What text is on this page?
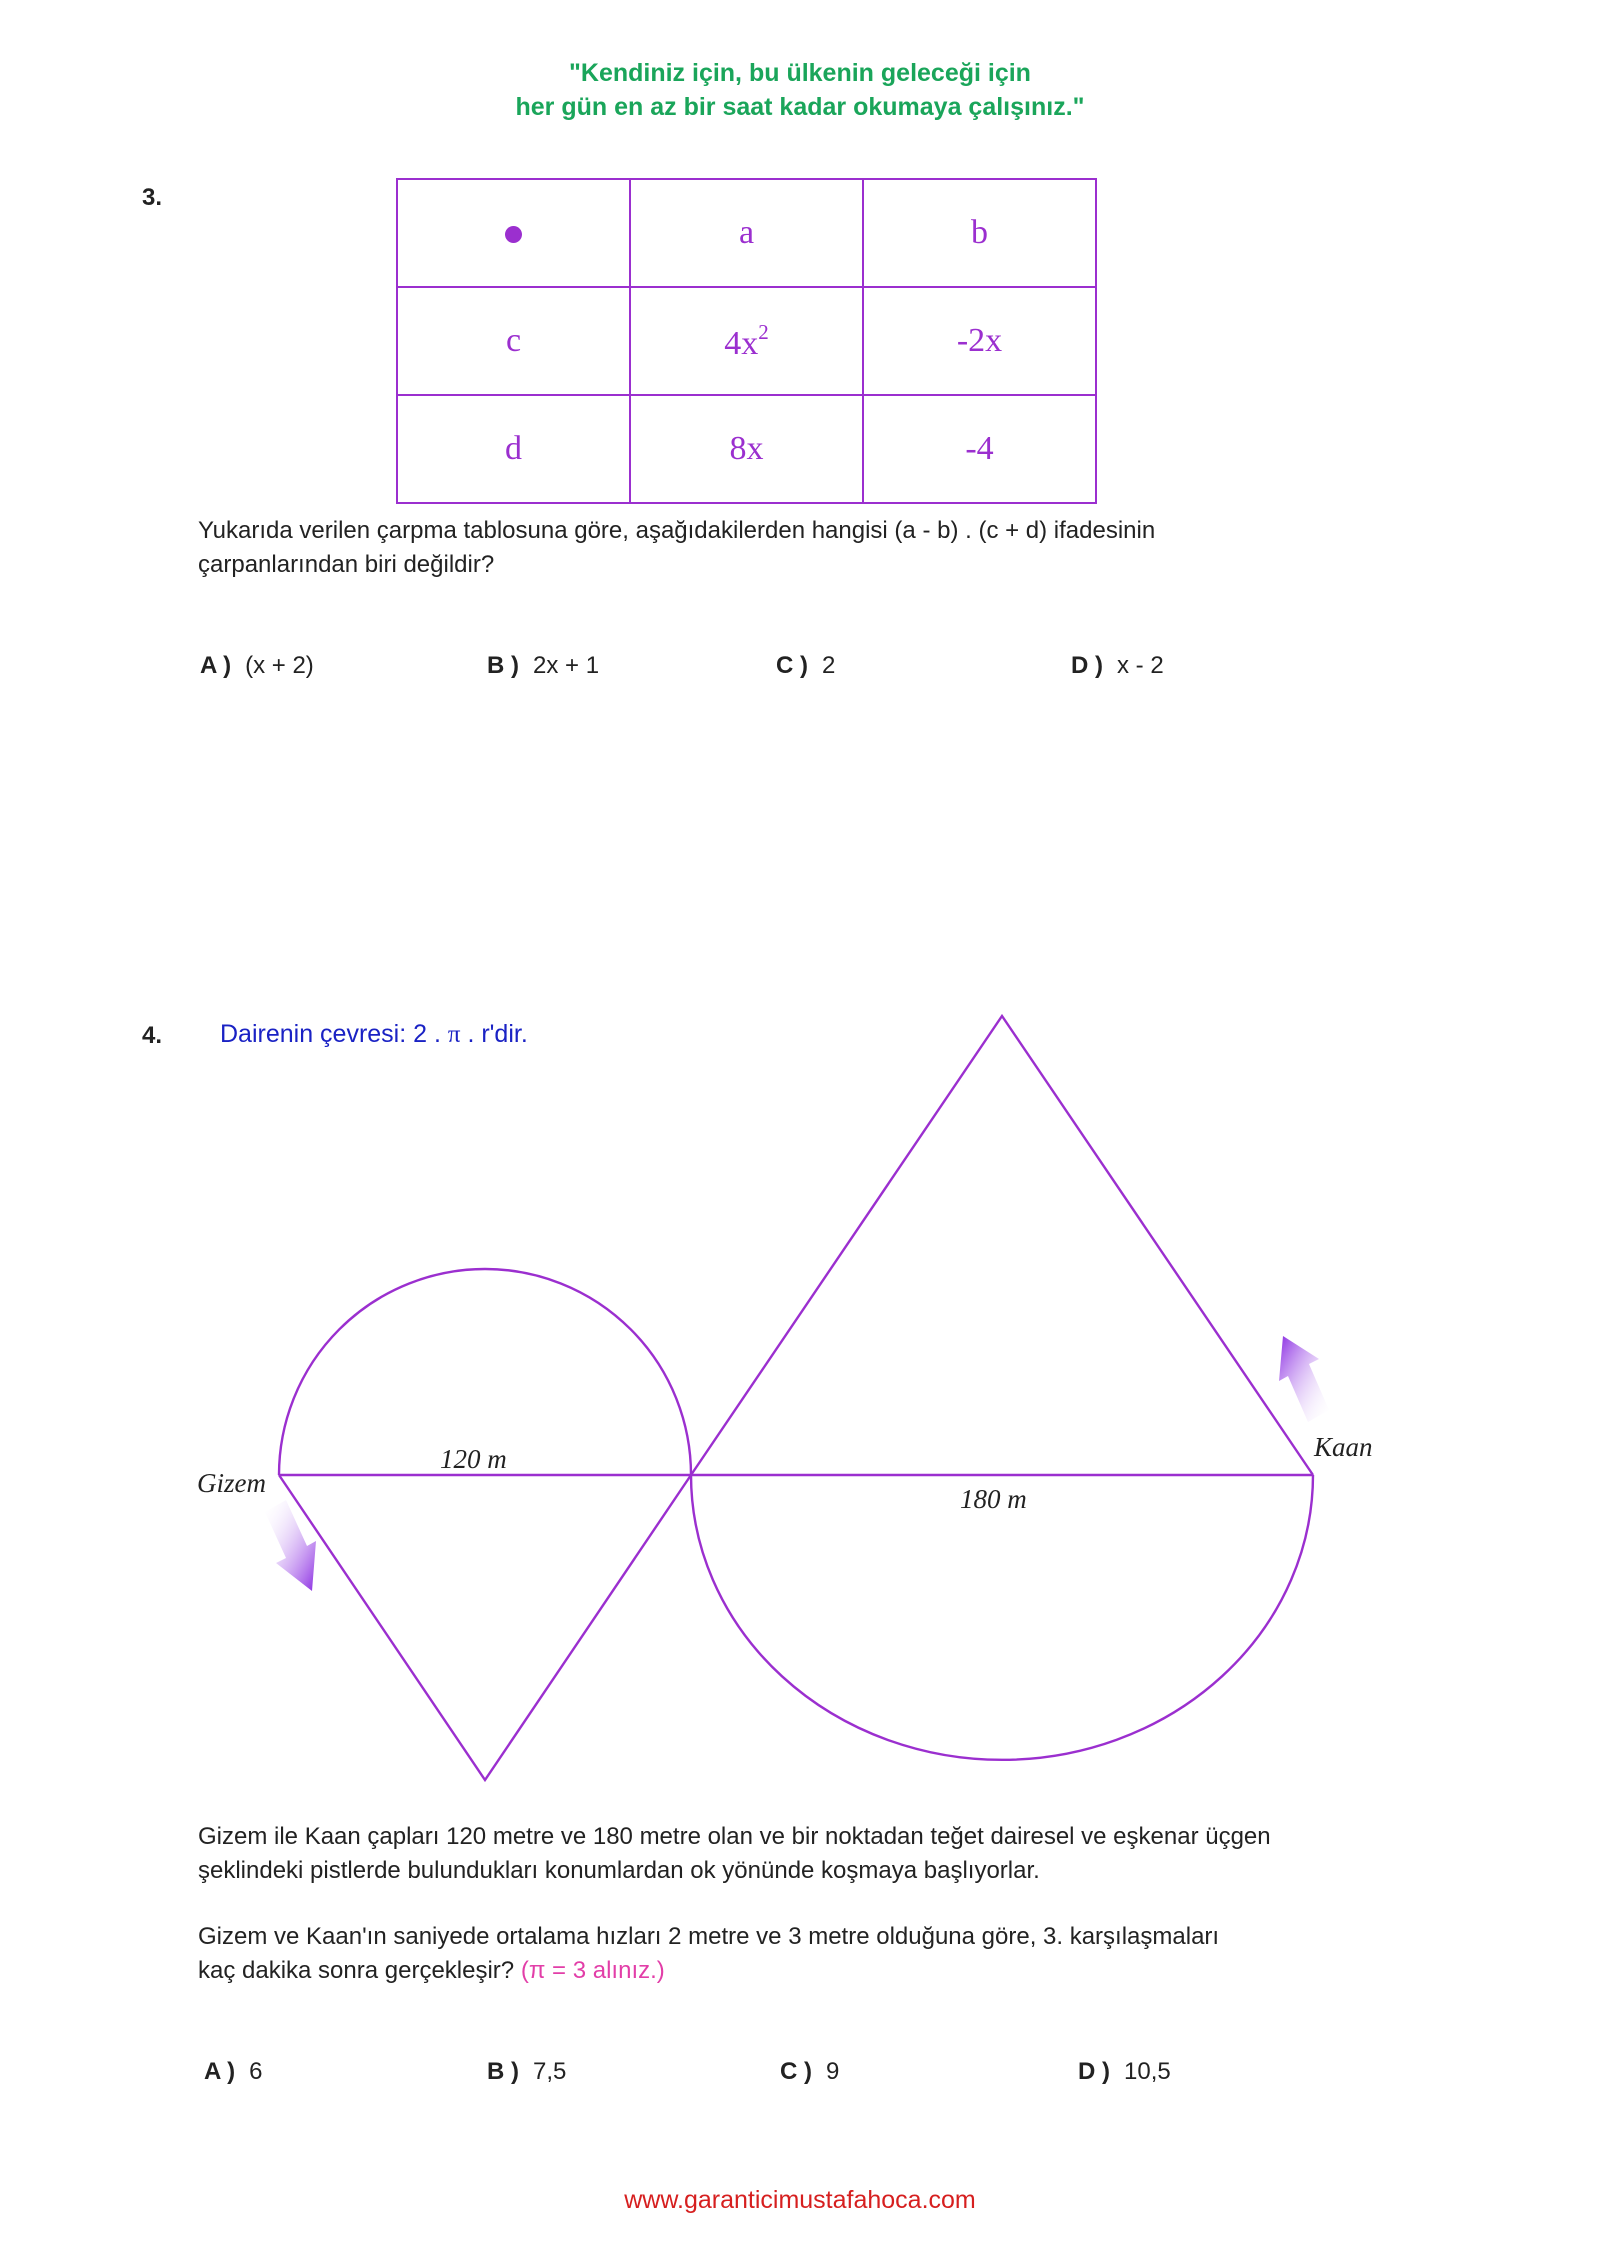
"Kendiniz için, bu ülkenin geleceği için
her gün en az bir saat kadar okumaya çalışınız."
3.
	a	b
c	$4x^2$	-2x
d	8x	-4
Yukarıda verilen çarpma tablosuna göre, aşağıdakilerden hangisi (a - b) . (c + d) ifadesinin
çarpanlarından biri değildir?
A ) (x + 2)	B ) 2x + 1	C ) 2	D ) x - 2
4. Dairenin çevresi: 2 . π . r'dir.
Gizem
Kaan
120 m
180 m
Gizem ile Kaan çapları 120 metre ve 180 metre olan ve bir noktadan teğet dairesel ve eşkenar üçgen
şeklindeki pistlerde bulundukları konumlardan ok yönünde koşmaya başlıyorlar.
Gizem ve Kaan'ın saniyede ortalama hızları 2 metre ve 3 metre olduğuna göre, 3. karşılaşmaları
kaç dakika sonra gerçekleşir? (π = 3 alınız.)
A ) 6	B ) 7,5	C ) 9	D ) 10,5
www.garanticimustafahoca.com
